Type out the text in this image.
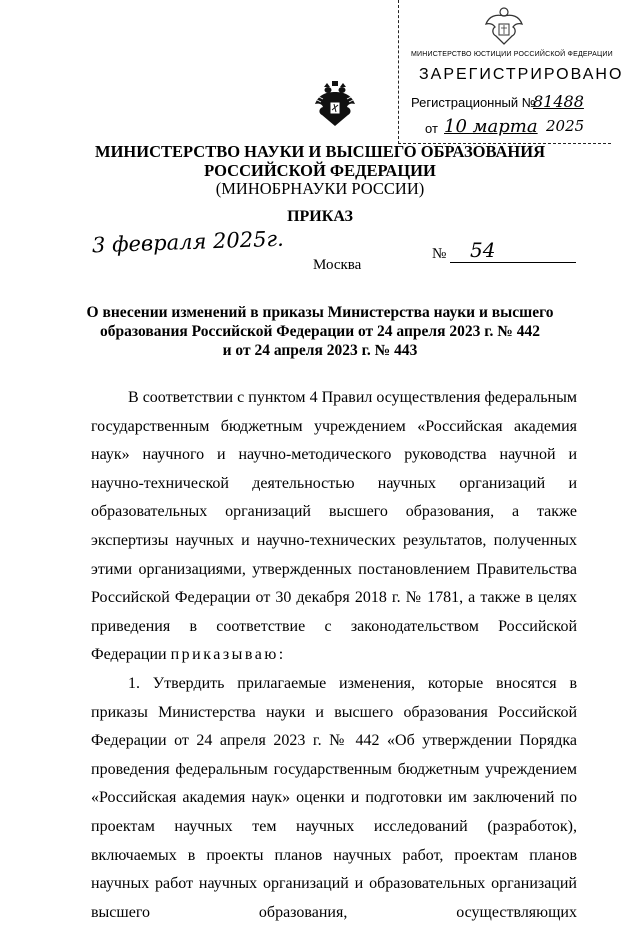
МИНИСТЕРСТВО ЮСТИЦИИ РОССИЙСКОЙ ФЕДЕРАЦИИ
ЗАРЕГИСТРИРОВАНО
Регистрационный №
81488
от 10 марта 2025
МИНИСТЕРСТВО НАУКИ И ВЫСШЕГО ОБРАЗОВАНИЯ
РОССИЙСКОЙ ФЕДЕРАЦИИ
(МИНОБРНАУКИ РОССИИ)
ПРИКАЗ
3 февраля 2025г.
Москва
№ 54
О внесении изменений в приказы Министерства науки и высшего
образования Российской Федерации от 24 апреля 2023 г. № 442
и от 24 апреля 2023 г. № 443

В соответствии с пунктом 4 Правил осуществления федеральным государственным бюджетным учреждением «Российская академия наук» научного и научно-методического руководства научной и научно-технической деятельностью научных организаций и образовательных организаций высшего образования, а также экспертизы научных и научно-технических результатов, полученных этими организациями, утвержденных постановлением Правительства Российской Федерации от 30 декабря 2018 г. № 1781, а также в целях приведения в соответствие с законодательством Российской Федерации приказываю:

1. Утвердить прилагаемые изменения, которые вносятся в приказы Министерства науки и высшего образования Российской Федерации от 24 апреля 2023 г. № 442 «Об утверждении Порядка проведения федеральным государственным бюджетным учреждением «Российская академия наук» оценки и подготовки им заключений по проектам научных тем научных исследований (разработок), включаемых в проекты планов научных работ, проектам планов научных работ научных организаций и образовательных организаций высшего образования, осуществляющих
